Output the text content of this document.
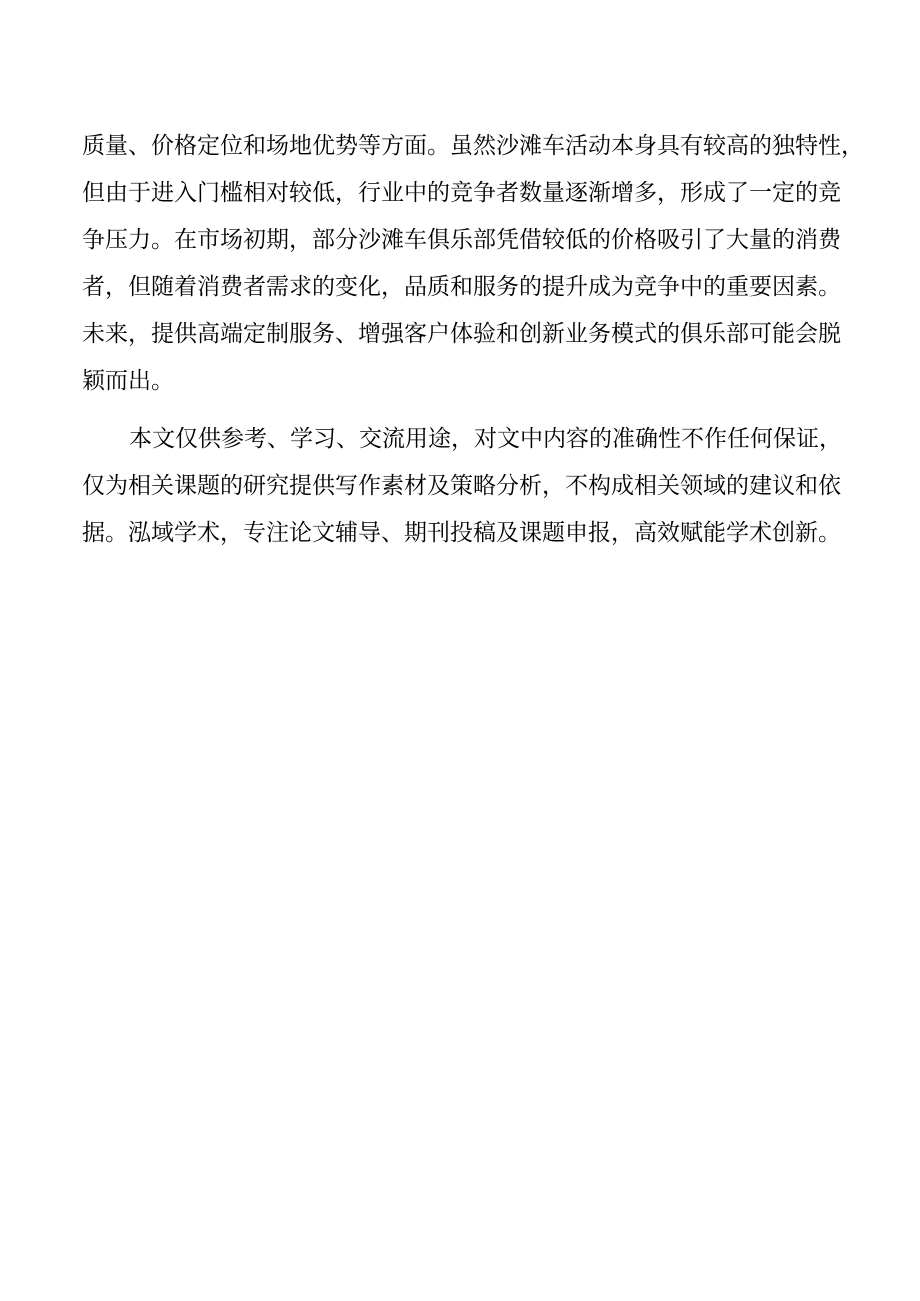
质量、价格定位和场地优势等方面。虽然沙滩车活动本身具有较高的独特性，
但由于进入门槛相对较低，行业中的竞争者数量逐渐增多，形成了一定的竞
争压力。在市场初期，部分沙滩车俱乐部凭借较低的价格吸引了大量的消费
者，但随着消费者需求的变化，品质和服务的提升成为竞争中的重要因素。
未来，提供高端定制服务、增强客户体验和创新业务模式的俱乐部可能会脱
颖而出。
本文仅供参考、学习、交流用途，对文中内容的准确性不作任何保证，
仅为相关课题的研究提供写作素材及策略分析，不构成相关领域的建议和依
据。泓域学术，专注论文辅导、期刊投稿及课题申报，高效赋能学术创新。
